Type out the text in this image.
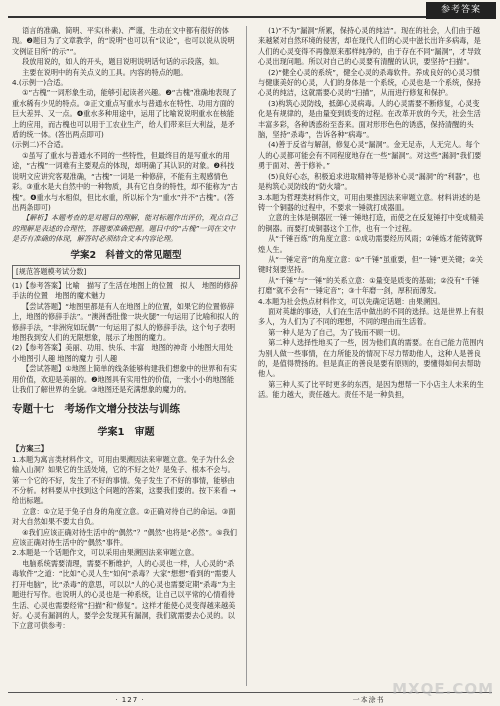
参考答案

语言的准确、简明、平实(朴素)、严谨，生动在文中都有很好的体现。❷题目为了文章教学，的“说明”也可以有“议论”，也可以说从说明文例证目所“的示”“。

段放用说的，如人的开头，题目说明说明话句话的示段落，如。

主要在说明中的有关点义的工具。内容的特点的题。

4.(示例一)合适。

①“古槐”一词形象生动，能够引起读者兴趣。❷“古槐”准确地表现了重水稀有少见的特点。③正文重点写重水与普通水在特性、功用方面的巨大差异、又一点。❹重水多种用途中，运用了比喻说说明重水在核能上的应用，而古槐也可以用于工农业生产，给人们带来巨大利益，是矛盾的统一体。(答出两点即可)

(示例二)不合适。

①虽写了重水与普通水不同的一些特性，但最终目的是写重水的用途，“古槐”一词难有主要观点的体现，却明确了其认识的对象。❷科技说明文应讲究客观准确，“古槐”一词是一种修辞，不能有主观感情色彩。③重水是大自然中的一种物质，具有它自身的特性，却不能称为“古槐”。❹重水与水相似，但比水重，所以标个为“重水”并不“古槐”。(答出两条即可)

【解析】本题考查的是对题目的理解，能对标题作出评价，观点自己的理解是表述的合理性，答题要准确把握。题目中的“古槐”一词在文中是否有准确的体现，解答时必须结合文本内容论理。

学案2　科普文的常见题型
[规范答题模考试分数]

(1)【参考答案】比喻　描写了生活在地图上的位置　拟人　地图的修辞手法的位置　地图的魔术魅力

【尝试答题】“地图里都是有人在地图上的位置，如果它的位置修辞上，地图的修辞手法”。“澳洲香肚像一块火腿”一句运用了比喻和拟人的修辞手法，“非洲宛如玩偶”一句运用了拟人的修辞手法，这个句子表明地图我到安人们的无限想象，展示了地图的魔力。

(2)【参考答案】美丽、功用、快乐、丰富　地图的神奇 小地图大用处 小地图引人趣 地图的魔力 引人趣

【尝试答题】①地图上简单的线条能够构建我们想象中的世界和有实用价值，欢迎是美丽的。❷地图具有实用性的价值，一张小小的地图能让我们了解世界的全貌。③地图还是充满想象的魔力的。

专题十七　考场作文增分技法与训练
学案1　审题

【方案三】

1.本题为寓言类材料作文，可用由果溯因法来审题立意。免子为什么会输入山洞？如果它的生活处境，它的不好之处？是兔子、根本不会与。第一个它的不好，发生了不好的事情。兔子发生了不好的事情，能够由不分析。材料要从中找到这个问题的答案，这要我们要的。按下来看 → 给出标题。

立意：①立足于兔子自身的角度立意。②正确对待自己的命运。③面对大自然如果不要太自负。

④我们应该正确对待生活中的“偶然”？”偶然”也将是“必然”。⑤我们应该正确对待生活中的“偶然”事件。

2.本题是一个话题作文，可以采用由果溯因法来审题立意。

电脑系统需要清理，需要不断维护，人的心灵也一样，人心灵的“杀毒软件”之道：“比如”心灵人生“如何”杀毒？大家“想想”看到的“需要人打开电脑”，比“杀毒”的意思，可以以“人的心灵也需要定期“杀毒”为主题进行写作。也说明人的心灵也是一种系统，让自己以平常的心情看待生活、心灵也需要经常“扫描”和“修复”。这样才能使心灵变得越来越美好。心灵有漏洞的人，要学会发现其有漏洞，我们就需要去心灵的。以下立意可供参考：

(1)“不为”漏洞“所累，保持心灵的纯洁”。现在的社会，人们由于越来越紧对自然环境的侵害，却在现代人们的心灵中滋长出许多病毒，是人们的心灵变得不再像原来那样纯净的，由于存在不同“漏洞”，才导致心灵出现问题。所以对自己的心灵要有清醒的认识，要坚持“扫描”。

(2)“健全心灵的系统”，健全心灵的杀毒软件。养成良好的心灵习惯与健康美好的心灵，人们的身体是一个系统，心灵也是一个系统，保持心灵的纯洁，这就需要心灵的“扫描”，从而进行修复和保护。

(3)构筑心灵防线，抵御心灵病毒。人的心灵需要不断修复，心灵变化是有规律的，是由量变到质变的过程。在改革开放的今天，社会生活丰富多彩，各种诱惑纷至沓来。面对形形色色的诱惑，保持清醒的头脑，坚持“杀毒”，告诉各种“病毒”。

(4)善于反省与解剖，修复心灵“漏洞”。金无足赤，人无完人。每个人的心灵都可能会有不同程度地存在一些“漏洞”。对这些“漏洞”我们要勇于面对、善于修补。”

(5)良好心态，积极追求进取精神等是修补心灵“漏洞”的“利器”，也是构筑心灵防线的“防火墙”。

3.本题为哲理类材料作文，可用由果推因法来审题立意。材料讲述的是铸一个铜器的过程中，不要求一锤就打成器皿。

立意的主体是铜器匠一锤一锤地打造，而使之在反复锤打中变成精美的铜器。而要打成铜器这个工作，也有一个过程。

从“千锤百炼”的角度立意：①成功需要经历风雨；②锤炼才能铸就辉煌人生。

从“一锤定音”的角度立意：①“千锤”虽重要，但“一锤”更关键；②关键时刻要坚持。

从“千锤”与“一锤”的关系立意：①量变是质变的基础；②没有“千锤打磨”就不会有“一锤定音”；③十年磨一剑，厚积而薄发。

4.本题为社会热点材料作文，可以先确定话题：由果溯因。

面对英雄的事迹，人们在生活中做出的不同的选择。这是世界上有很多人，为人们为了不同的理想，不同的理由而生活着。

第一种人是为了自己，为了钱而不顾一切。

第二种人选择性地买了一些，因为他们真的需要。在自己能力范围内为别人做一些事情，在力所能及的情况下尽力帮助他人，这种人是善良的，是值得赞扬的。但是真正的善良是要有原则的，要懂得如何去帮助他人。

第三种人买了比平时更多的东西，是因为想帮一下小店主人未来的生活。能力越大，责任越大。责任不是一种负担，

· 127 ·　　　　　　　　　　　　　　　　　　　　　　　　　　一本涂书
MXQE.COM
